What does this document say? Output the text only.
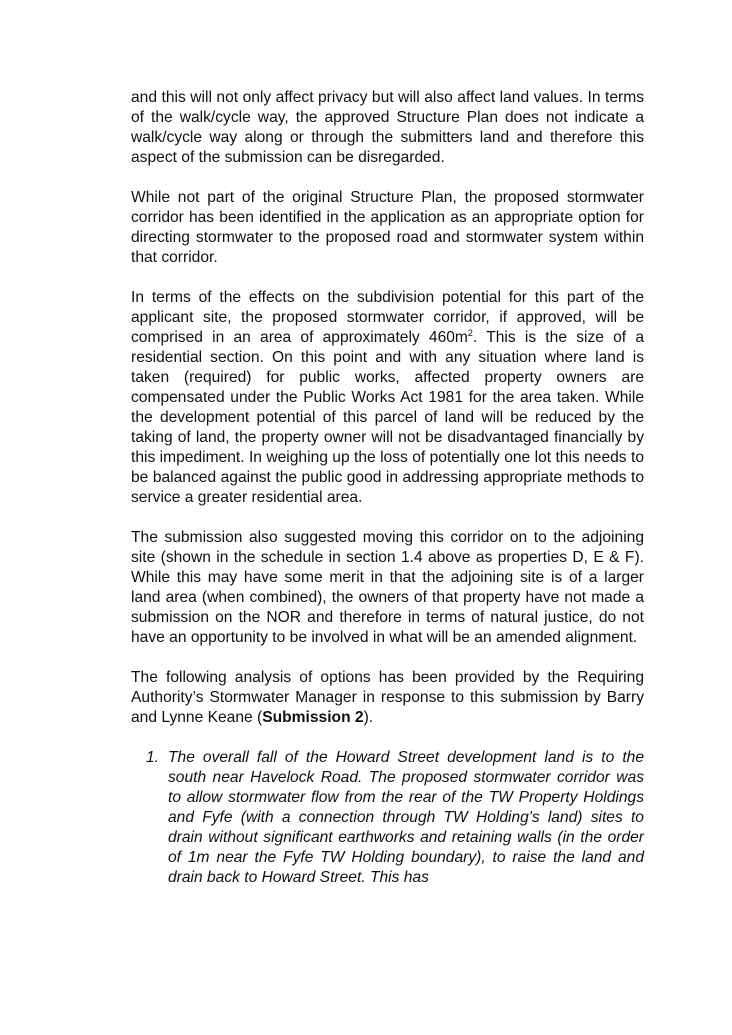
and this will not only affect privacy but will also affect land values. In terms of the walk/cycle way, the approved Structure Plan does not indicate a walk/cycle way along or through the submitters land and therefore this aspect of the submission can be disregarded.

While not part of the original Structure Plan, the proposed stormwater corridor has been identified in the application as an appropriate option for directing stormwater to the proposed road and stormwater system within that corridor.

In terms of the effects on the subdivision potential for this part of the applicant site, the proposed stormwater corridor, if approved, will be comprised in an area of approximately $460m^2$. This is the size of a residential section. On this point and with any situation where land is taken (required) for public works, affected property owners are compensated under the Public Works Act 1981 for the area taken. While the development potential of this parcel of land will be reduced by the taking of land, the property owner will not be disadvantaged financially by this impediment. In weighing up the loss of potentially one lot this needs to be balanced against the public good in addressing appropriate methods to service a greater residential area.

The submission also suggested moving this corridor on to the adjoining site (shown in the schedule in section 1.4 above as properties D, E & F). While this may have some merit in that the adjoining site is of a larger land area (when combined), the owners of that property have not made a submission on the NOR and therefore in terms of natural justice, do not have an opportunity to be involved in what will be an amended alignment.

The following analysis of options has been provided by the Requiring Authority’s Stormwater Manager in response to this submission by Barry and Lynne Keane (Submission 2).

1. The overall fall of the Howard Street development land is to the south near Havelock Road. The proposed stormwater corridor was to allow stormwater flow from the rear of the TW Property Holdings and Fyfe (with a connection through TW Holding's land) sites to drain without significant earthworks and retaining walls (in the order of 1m near the Fyfe TW Holding boundary), to raise the land and drain back to Howard Street. This has
